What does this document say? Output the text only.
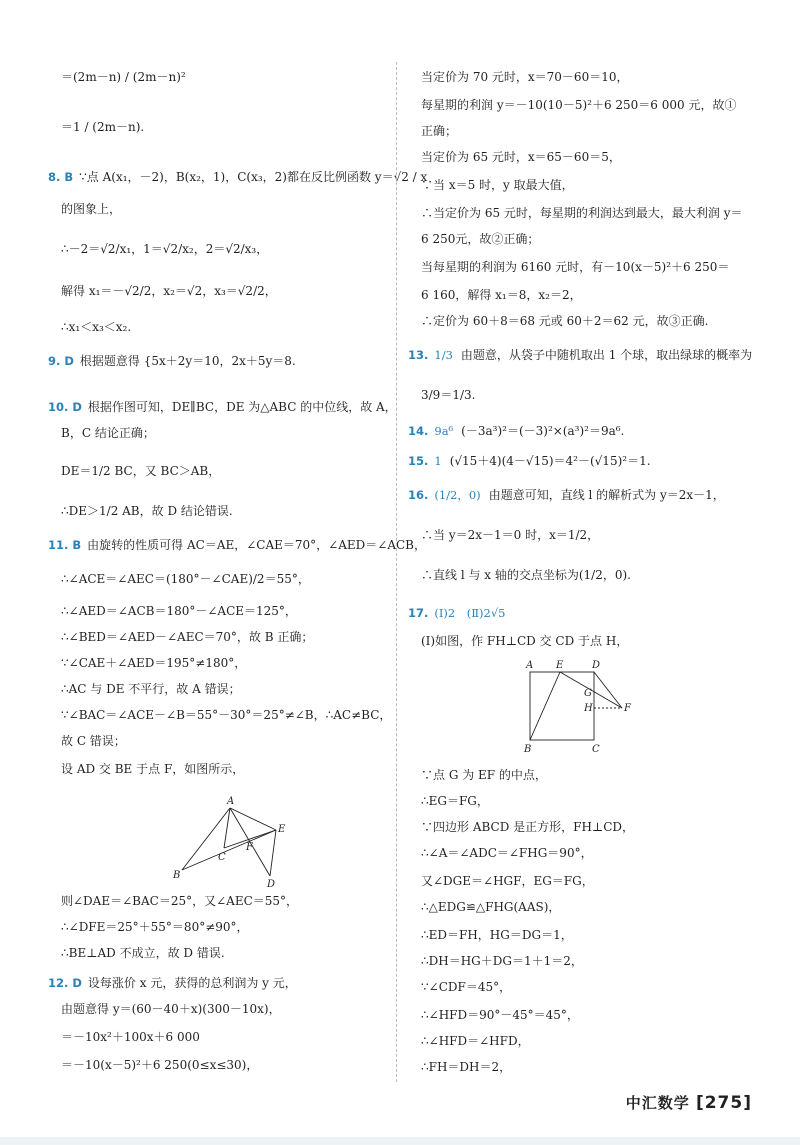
＝(2m－n) / (2m－n)²
＝1 / (2m－n).
8. B ∵点 A(x₁，－2)，B(x₂，1)，C(x₃，2)都在反比例函数 y＝√2 / x
的图象上，
∴－2＝√2/x₁，1＝√2/x₂，2＝√2/x₃，
解得 x₁＝－√2/2，x₂＝√2，x₃＝√2/2，
∴x₁＜x₃＜x₂.
9. D 根据题意得 {5x＋2y＝10，2x＋5y＝8.
10. D 根据作图可知，DE∥BC，DE 为△ABC 的中位线，故 A，
B，C 结论正确；
DE＝1/2 BC，又 BC＞AB，
∴DE＞1/2 AB，故 D 结论错误.
11. B 由旋转的性质可得 AC＝AE，∠CAE＝70°，∠AED＝∠ACB，
∴∠ACE＝∠AEC＝(180°－∠CAE)/2＝55°，
∴∠AED＝∠ACB＝180°－∠ACE＝125°，
∴∠BED＝∠AED－∠AEC＝70°，故 B 正确；
∵∠CAE＋∠AED＝195°≠180°，
∴AC 与 DE 不平行，故 A 错误；
∵∠BAC＝∠ACE－∠B＝55°－30°＝25°≠∠B，∴AC≠BC，
故 C 错误；
设 AD 交 BE 于点 F，如图所示，
则∠DAE＝∠BAC＝25°，又∠AEC＝55°，
∴∠DFE＝25°＋55°＝80°≠90°，
∴BE⊥AD 不成立，故 D 错误.
12. D 设每涨价 x 元，获得的总利润为 y 元，
由题意得 y＝(60－40＋x)(300－10x)，
＝－10x²＋100x＋6 000
＝－10(x－5)²＋6 250(0≤x≤30)，
当定价为 70 元时，x＝70－60＝10，
每星期的利润 y＝－10(10－5)²＋6 250＝6 000 元，故①
正确；
当定价为 65 元时，x＝65－60＝5，
∵当 x＝5 时，y 取最大值，
∴当定价为 65 元时，每星期的利润达到最大，最大利润 y＝
6 250元，故②正确；
当每星期的利润为 6160 元时，有－10(x－5)²＋6 250＝
6 160，解得 x₁＝8，x₂＝2，
∴定价为 60＋8＝68 元或 60＋2＝62 元，故③正确.
13. 1/3 由题意，从袋子中随机取出 1 个球，取出绿球的概率为
3/9＝1/3.
14. 9a⁶ (－3a³)²＝(－3)²×(a³)²＝9a⁶.
15. 1 (√15＋4)(4－√15)＝4²－(√15)²＝1.
16. (1/2，0) 由题意可知，直线 l 的解析式为 y＝2x－1，
∴当 y＝2x－1＝0 时，x＝1/2，
∴直线 l 与 x 轴的交点坐标为(1/2，0).
17. (Ⅰ)2　(Ⅱ)2√5
(Ⅰ)如图，作 FH⊥CD 交 CD 于点 H，
∵点 G 为 EF 的中点，
∴EG＝FG，
∵四边形 ABCD 是正方形，FH⊥CD，
∴∠A＝∠ADC＝∠FHG＝90°，
又∠DGE＝∠HGF，EG＝FG，
∴△EDG≌△FHG(AAS)，
∴ED＝FH，HG＝DG＝1，
∴DH＝HG＋DG＝1＋1＝2，
∵∠CDF＝45°，
∴∠HFD＝90°－45°＝45°，
∴∠HFD＝∠HFD，
∴FH＝DH＝2，
A
B
C
D
E
F
A E	D
G
H	F
B	C
中汇数学 [275]
